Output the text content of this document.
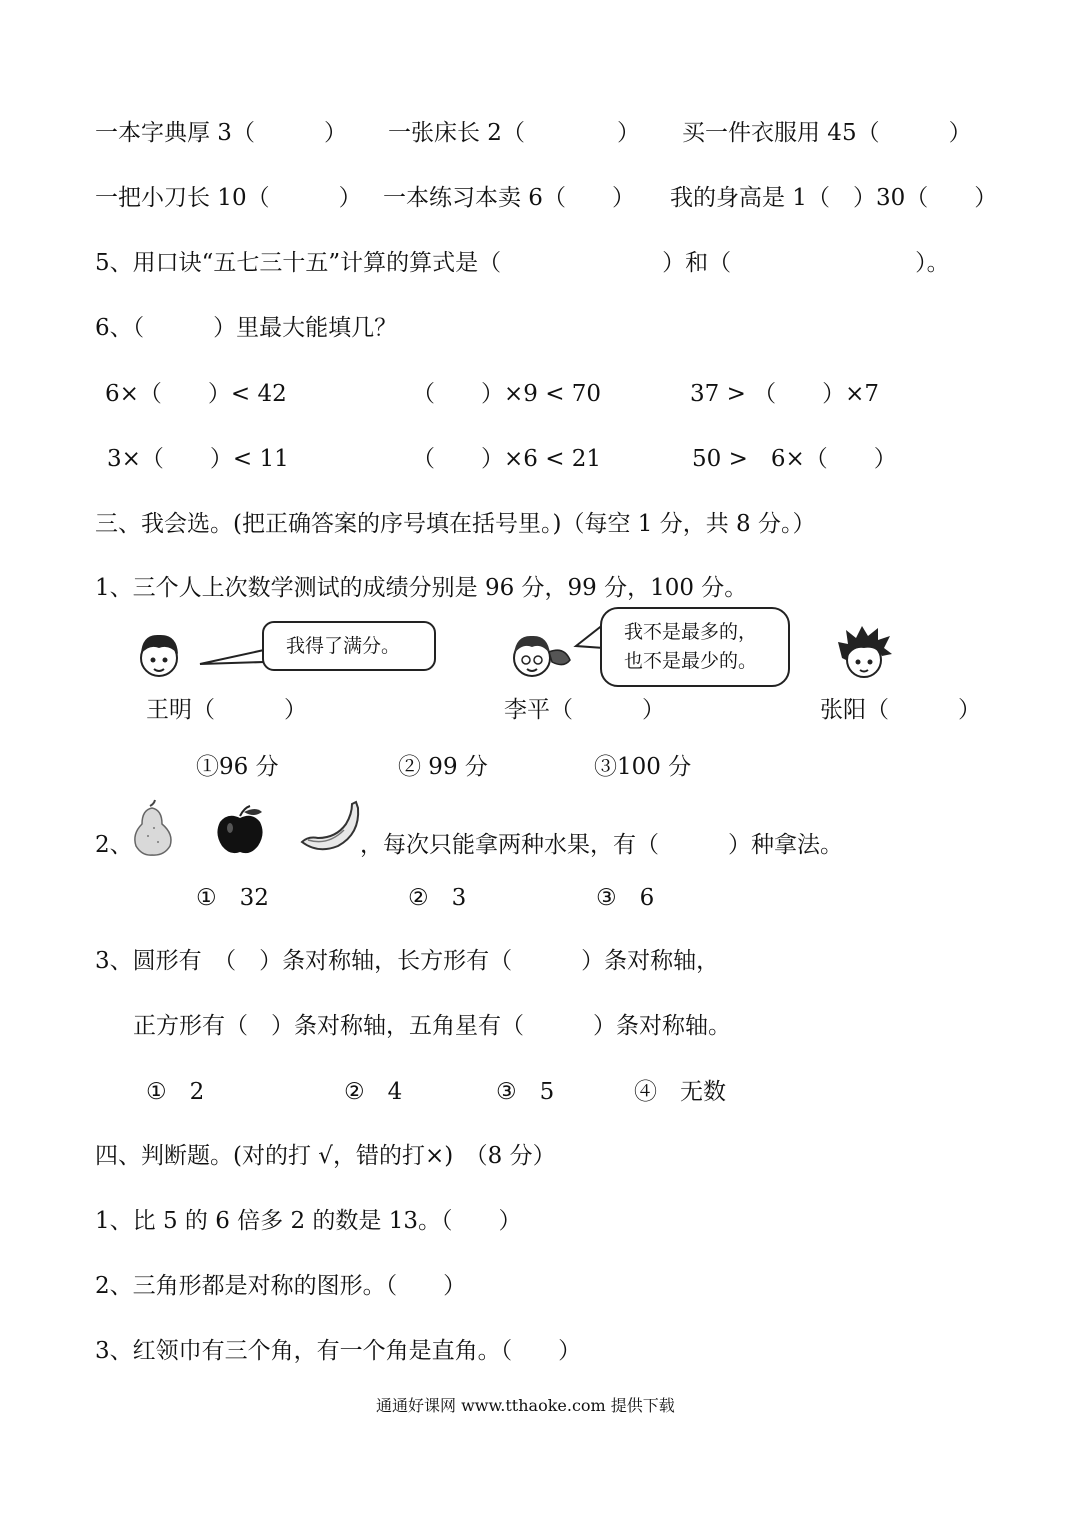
一本字典厚 3（　　　） 一张床长 2（　　　　） 买一件衣服用 45（　　　）
一把小刀长 10（　　　） 一本练习本卖 6（　　） 我的身高是 1（　）30（　　）
5、用口诀“五七三十五”计算的算式是（　　　　　　　）和（　　　　　　　　）。
6、（　　　）里最大能填几？
6×（　　）< 42	（　　）×9 < 70	37 > （　　）×7
3×（　　）< 11	（　　）×6 < 21	50 >　6×（　　）
三、我会选。(把正确答案的序号填在括号里。)（每空 1 分，共 8 分。）
1、三个人上次数学测试的成绩分别是 96 分，99 分，100 分。
我得了满分。
我不是最多的，
也不是最少的。
王明（　　　）	李平（　　　）	张阳（　　　）
①96 分	② 99 分	③100 分
2、	，每次只能拿两种水果，有（　　　）种拿法。
①　32	②　3	③　6
3、圆形有　（　）条对称轴，长方形有（　　　）条对称轴，
正方形有（　）条对称轴，五角星有（　　　）条对称轴。
①　2	②　4	③　5	④　无数
四、判断题。(对的打 √，错的打×)　（8 分）
1、比 5 的 6 倍多 2 的数是 13。（　　）
2、三角形都是对称的图形。（　　）
3、红领巾有三个角，有一个角是直角。（　　）
通通好课网 www.tthaoke.com 提供下载
